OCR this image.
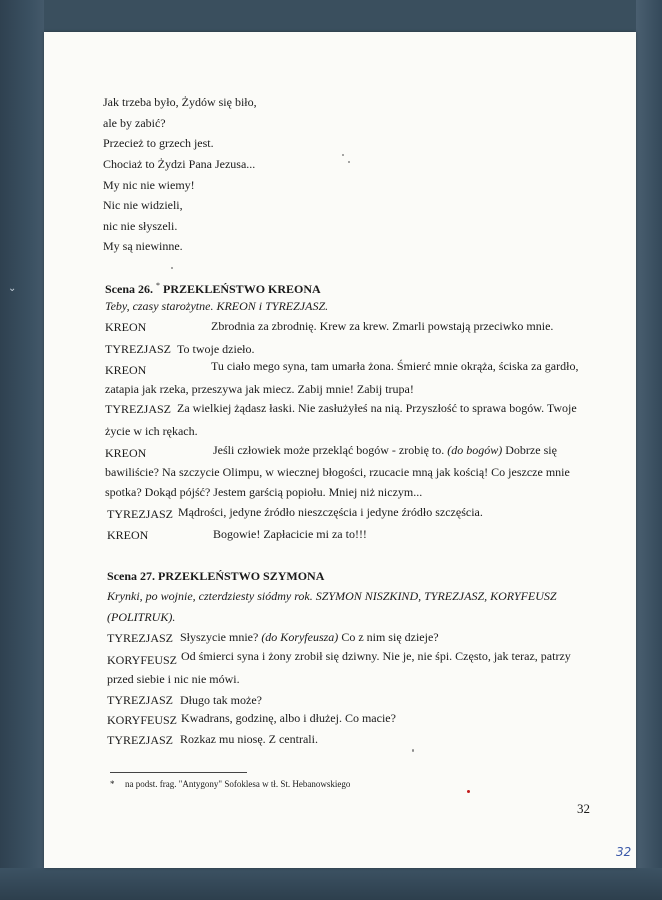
Jak trzeba było, Żydów się biło,
ale by zabić?
Przecież to grzech jest.
Chociaż to Żydzi Pana Jezusa...
My nic nie wiemy!
Nic nie widzieli,
nic nie słyszeli.
My są niewinne.
Scena 26. * PRZEKLEŃSTWO KREONA
Teby, czasy starożytne. KREON i TYREZJASZ.
KREON	Zbrodnia za zbrodnię. Krew za krew. Zmarli powstają przeciwko mnie.
TYREZJASZ To twoje dzieło.
KREON	Tu ciało mego syna, tam umarła żona. Śmierć mnie okrąża, ściska za gardło,
zatapia jak rzeka, przeszywa jak miecz. Zabij mnie! Zabij trupa!
TYREZJASZ Za wielkiej żądasz łaski. Nie zasłużyłeś na nią. Przyszłość to sprawa bogów. Twoje
życie w ich rękach.
KREON	Jeśli człowiek może przekląć bogów - zrobię to. (do bogów) Dobrze się
bawiliście? Na szczycie Olimpu, w wiecznej błogości, rzucacie mną jak kością! Co jeszcze mnie
spotka? Dokąd pójść? Jestem garścią popiołu. Mniej niż niczym...
TYREZJASZ Mądrości, jedyne źródło nieszczęścia i jedyne źródło szczęścia.
KREON	Bogowie! Zapłacicie mi za to!!!
Scena 27. PRZEKLEŃSTWO SZYMONA
Krynki, po wojnie, czterdziesty siódmy rok. SZYMON NISZKIND, TYREZJASZ, KORYFEUSZ
(POLITRUK).
TYREZJASZ Słyszycie mnie? (do Koryfeusza) Co z nim się dzieje?
KORYFEUSZ Od śmierci syna i żony zrobił się dziwny. Nie je, nie śpi. Często, jak teraz, patrzy
przed siebie i nic nie mówi.
TYREZJASZ Długo tak może?
KORYFEUSZ Kwadrans, godzinę, albo i dłużej. Co macie?
TYREZJASZ Rozkaz mu niosę. Z centrali.
* na podst. frag. "Antygony" Sofoklesa w tł. St. Hebanowskiego
32
32
⌄
